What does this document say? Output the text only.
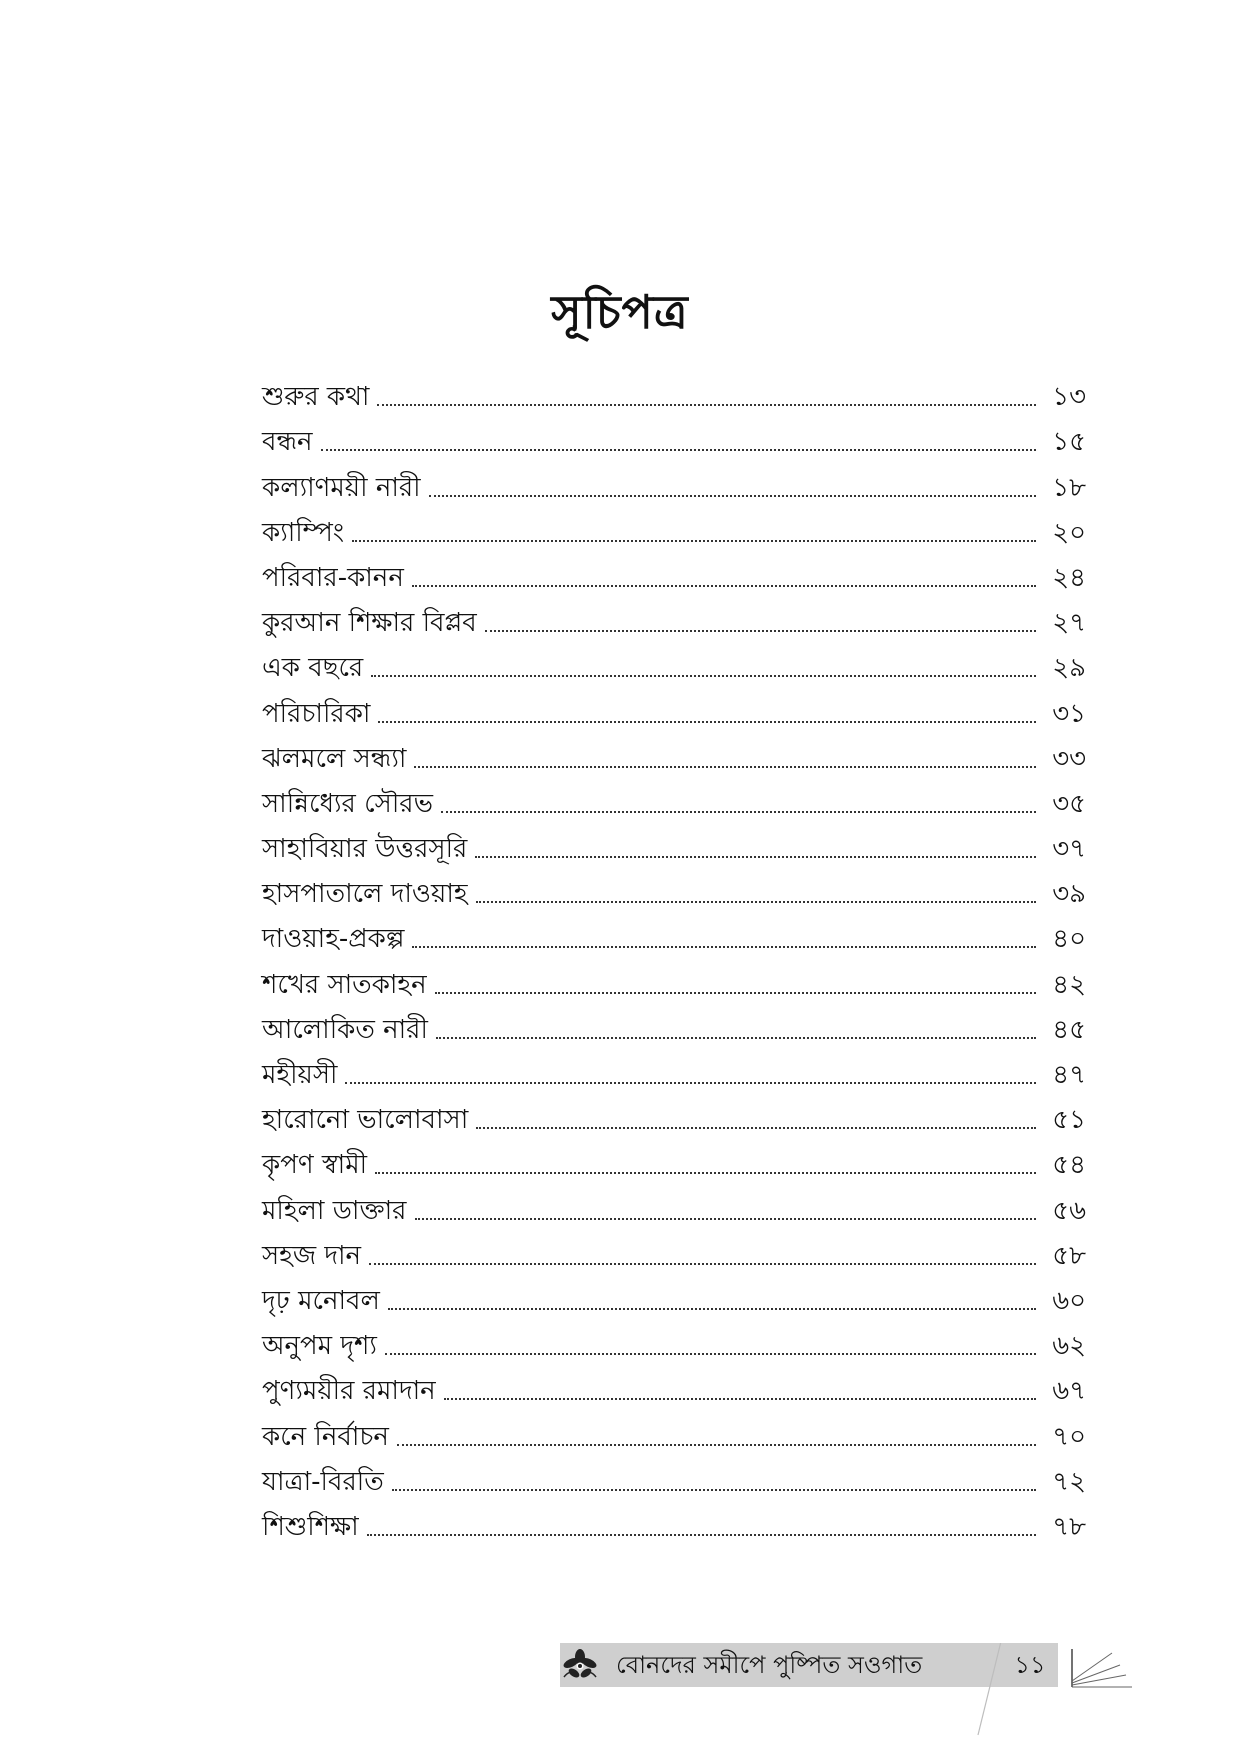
সূচিপত্র
শুরুর কথা	১৩
বন্ধন	১৫
কল্যাণময়ী নারী	১৮
ক্যাম্পিং	২০
পরিবার-কানন	২৪
কুরআন শিক্ষার বিপ্লব	২৭
এক বছরে	২৯
পরিচারিকা	৩১
ঝলমলে সন্ধ্যা	৩৩
সান্নিধ্যের সৌরভ	৩৫
সাহাবিয়ার উত্তরসূরি	৩৭
হাসপাতালে দাওয়াহ	৩৯
দাওয়াহ-প্রকল্প	৪০
শখের সাতকাহন	৪২
আলোকিত নারী	৪৫
মহীয়সী	৪৭
হারোনো ভালোবাসা	৫১
কৃপণ স্বামী	৫৪
মহিলা ডাক্তার	৫৬
সহজ দান	৫৮
দৃঢ় মনোবল	৬০
অনুপম দৃশ্য	৬২
পুণ্যময়ীর রমাদান	৬৭
কনে নির্বাচন	৭০
যাত্রা-বিরতি	৭২
শিশুশিক্ষা	৭৮
বোনদের সমীপে পুষ্পিত সওগাত	১১
